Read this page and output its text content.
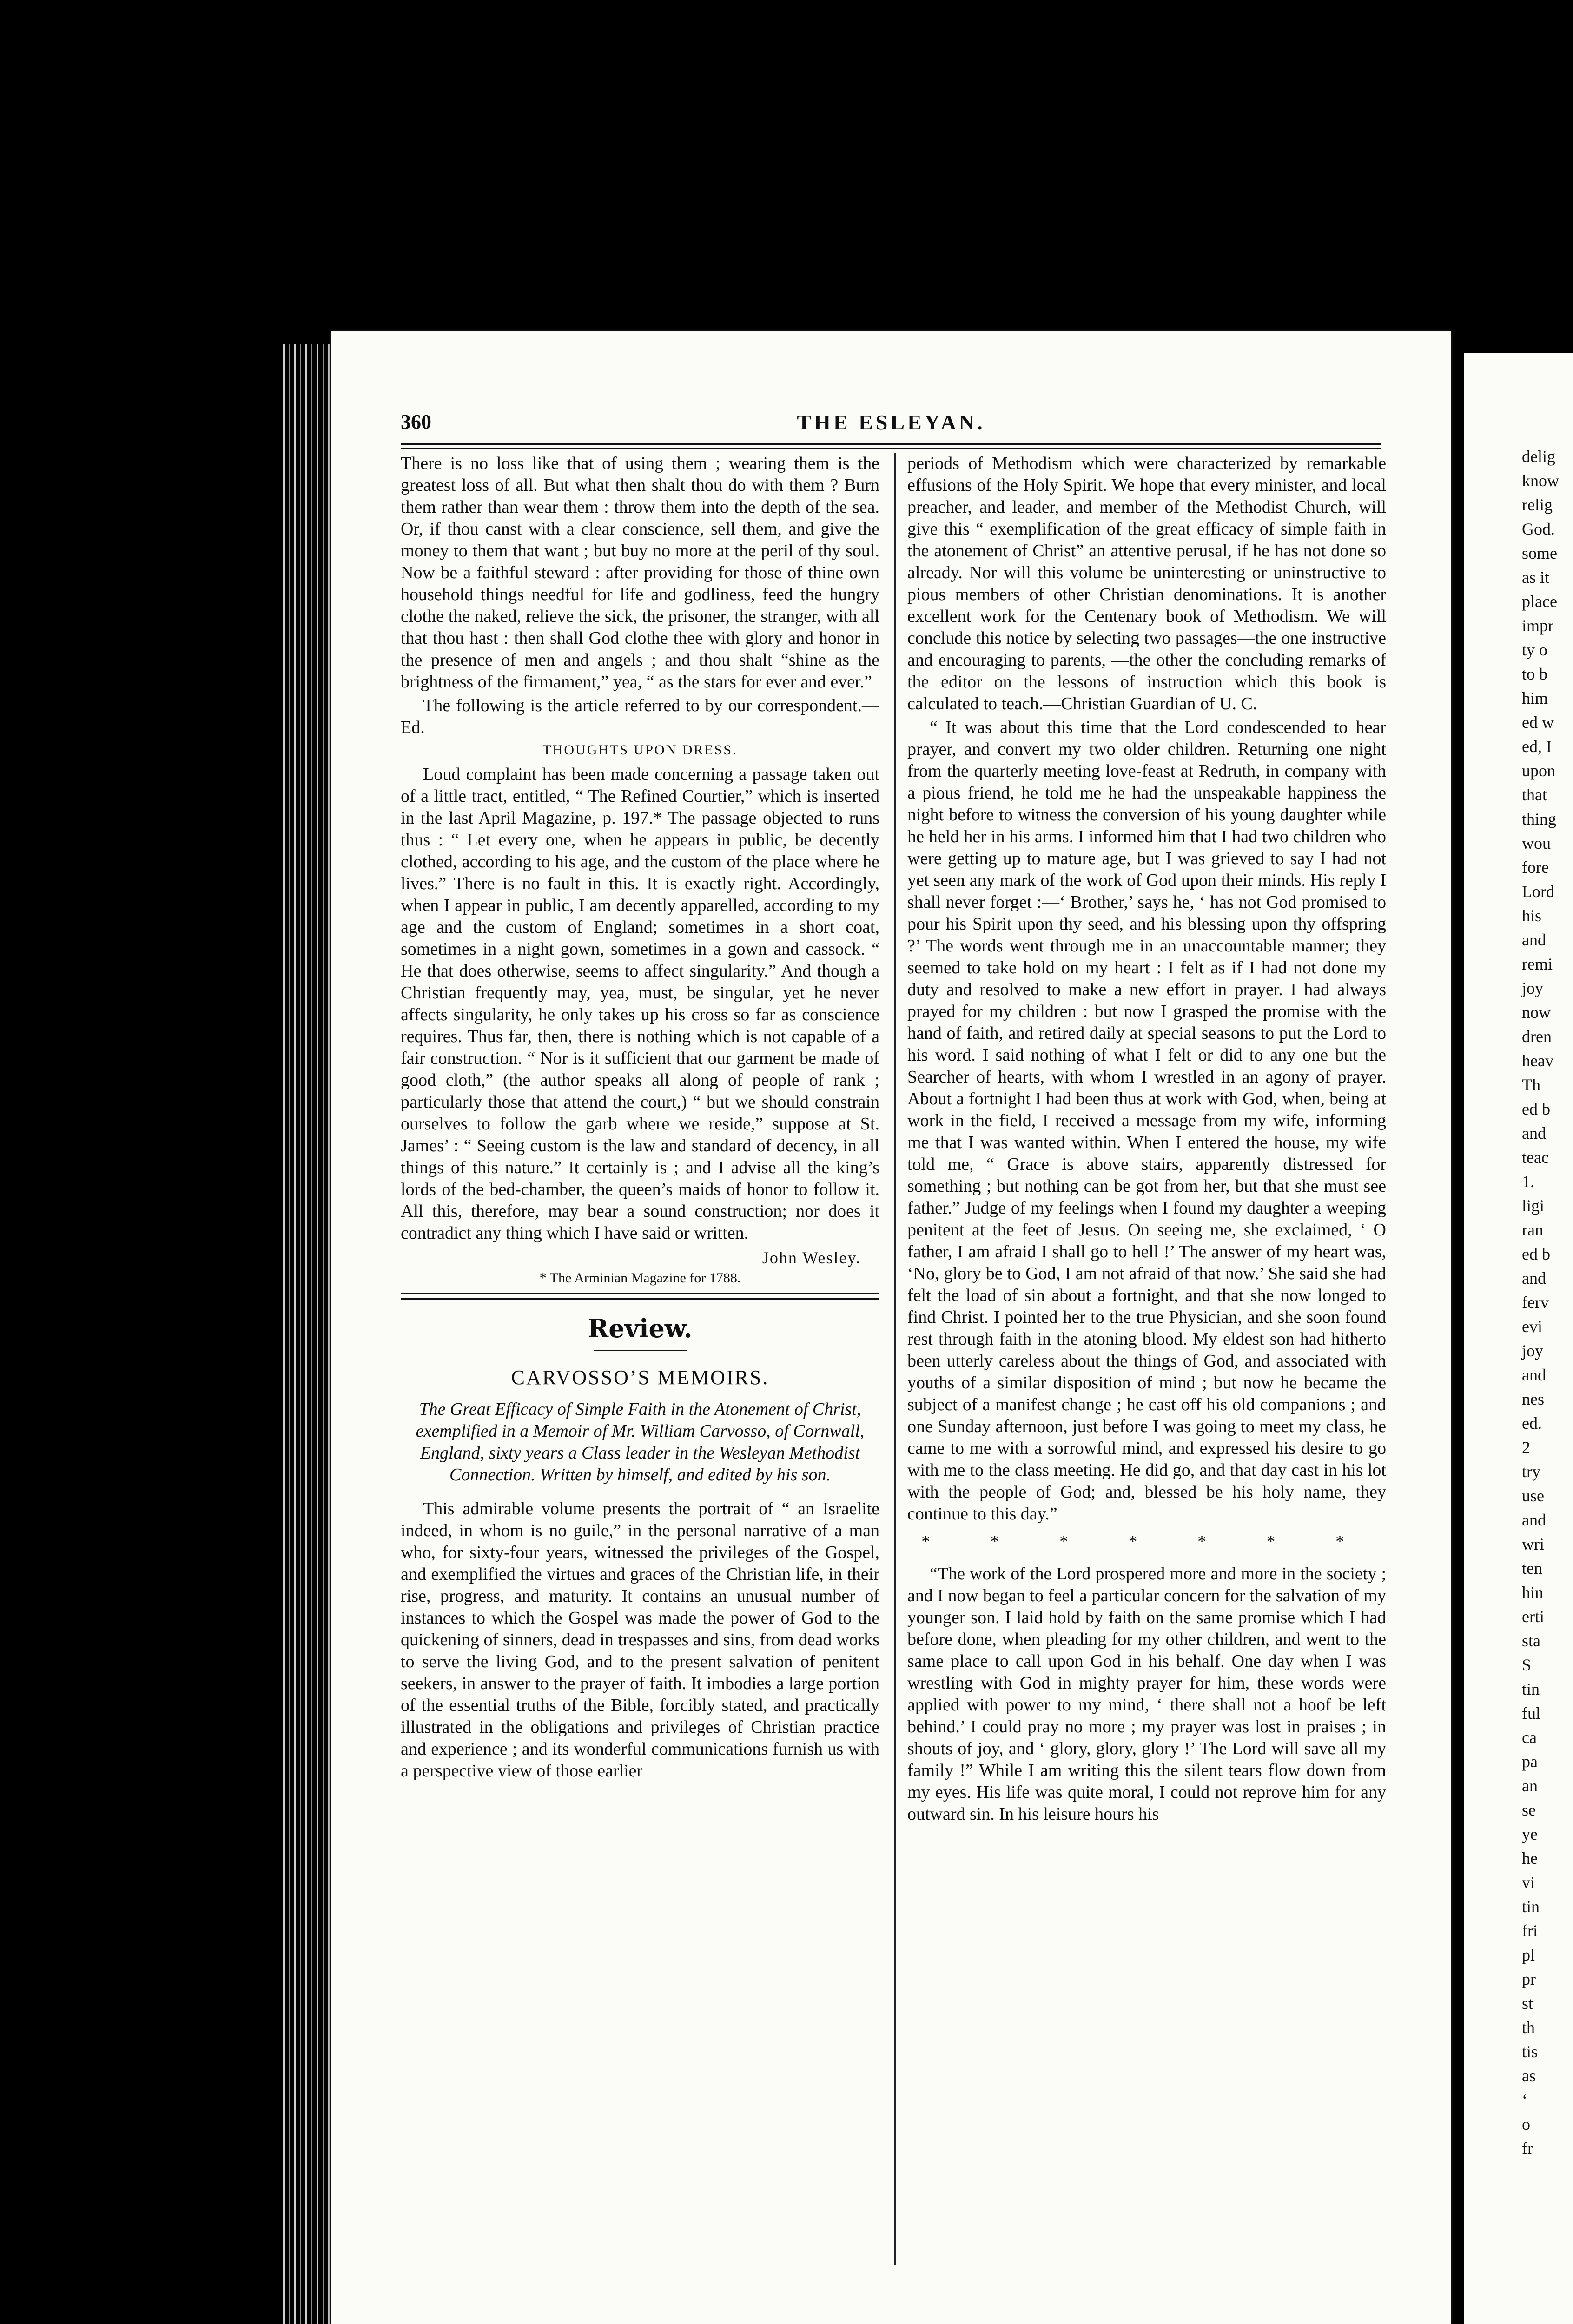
360	THE ESLEYAN.

There is no loss like that of using them ; wearing them is the greatest loss of all. But what then shalt thou do with them ? Burn them rather than wear them : throw them into the depth of the sea. Or, if thou canst with a clear conscience, sell them, and give the money to them that want ; but buy no more at the peril of thy soul. Now be a faithful steward : after providing for those of thine own household things needful for life and godliness, feed the hungry clothe the naked, relieve the sick, the prisoner, the stranger, with all that thou hast : then shall God clothe thee with glory and honor in the presence of men and angels ; and thou shalt “shine as the brightness of the firmament,” yea, “ as the stars for ever and ever.”

The following is the article referred to by our correspondent.—Ed.

THOUGHTS UPON DRESS.

Loud complaint has been made concerning a passage taken out of a little tract, entitled, “ The Refined Courtier,” which is inserted in the last April Magazine, p. 197.* The passage objected to runs thus : “ Let every one, when he appears in public, be decently clothed, according to his age, and the custom of the place where he lives.” There is no fault in this. It is exactly right. Accordingly, when I appear in public, I am decently apparelled, according to my age and the custom of England; sometimes in a short coat, sometimes in a night gown, sometimes in a gown and cassock. “ He that does otherwise, seems to affect singularity.” And though a Christian frequently may, yea, must, be singular, yet he never affects singularity, he only takes up his cross so far as conscience requires. Thus far, then, there is nothing which is not capable of a fair construction. “ Nor is it sufficient that our garment be made of good cloth,” (the author speaks all along of people of rank ; particularly those that attend the court,) “ but we should constrain ourselves to follow the garb where we reside,” suppose at St. James’ : “ Seeing custom is the law and standard of decency, in all things of this nature.” It certainly is ; and I advise all the king’s lords of the bed-chamber, the queen’s maids of honor to follow it. All this, therefore, may bear a sound construction; nor does it contradict any thing which I have said or written.

John Wesley.
* The Arminian Magazine for 1788.
Review.
CARVOSSO’S MEMOIRS.
The Great Efficacy of Simple Faith in the Atonement of Christ, exemplified in a Memoir of Mr. William Carvosso, of Cornwall, England, sixty years a Class leader in the Wesleyan Methodist Connection. Written by himself, and edited by his son.

This admirable volume presents the portrait of “ an Israelite indeed, in whom is no guile,” in the personal narrative of a man who, for sixty-four years, witnessed the privileges of the Gospel, and exemplified the virtues and graces of the Christian life, in their rise, progress, and maturity. It contains an unusual number of instances to which the Gospel was made the power of God to the quickening of sinners, dead in trespasses and sins, from dead works to serve the living God, and to the present salvation of penitent seekers, in answer to the prayer of faith. It imbodies a large portion of the essential truths of the Bible, forcibly stated, and practically illustrated in the obligations and privileges of Christian practice and experience ; and its wonderful communications furnish us with a perspective view of those earlier

periods of Methodism which were characterized by remarkable effusions of the Holy Spirit. We hope that every minister, and local preacher, and leader, and member of the Methodist Church, will give this “ exemplification of the great efficacy of simple faith in the atonement of Christ” an attentive perusal, if he has not done so already. Nor will this volume be uninteresting or uninstructive to pious members of other Christian denominations. It is another excellent work for the Centenary book of Methodism. We will conclude this notice by selecting two passages—the one instructive and encouraging to parents, —the other the concluding remarks of the editor on the lessons of instruction which this book is calculated to teach.—Christian Guardian of U. C.

“ It was about this time that the Lord condescended to hear prayer, and convert my two older children. Returning one night from the quarterly meeting love-feast at Redruth, in company with a pious friend, he told me he had the unspeakable happiness the night before to witness the conversion of his young daughter while he held her in his arms. I informed him that I had two children who were getting up to mature age, but I was grieved to say I had not yet seen any mark of the work of God upon their minds. His reply I shall never forget :—‘ Brother,’ says he, ‘ has not God promised to pour his Spirit upon thy seed, and his blessing upon thy offspring ?’ The words went through me in an unaccountable manner; they seemed to take hold on my heart : I felt as if I had not done my duty and resolved to make a new effort in prayer. I had always prayed for my children : but now I grasped the promise with the hand of faith, and retired daily at special seasons to put the Lord to his word. I said nothing of what I felt or did to any one but the Searcher of hearts, with whom I wrestled in an agony of prayer. About a fortnight I had been thus at work with God, when, being at work in the field, I received a message from my wife, informing me that I was wanted within. When I entered the house, my wife told me, “ Grace is above stairs, apparently distressed for something ; but nothing can be got from her, but that she must see father.” Judge of my feelings when I found my daughter a weeping penitent at the feet of Jesus. On seeing me, she exclaimed, ‘ O father, I am afraid I shall go to hell !’ The answer of my heart was, ‘No, glory be to God, I am not afraid of that now.’ She said she had felt the load of sin about a fortnight, and that she now longed to find Christ. I pointed her to the true Physician, and she soon found rest through faith in the atoning blood. My eldest son had hitherto been utterly careless about the things of God, and associated with youths of a similar disposition of mind ; but now he became the subject of a manifest change ; he cast off his old companions ; and one Sunday afternoon, just before I was going to meet my class, he came to me with a sorrowful mind, and expressed his desire to go with me to the class meeting. He did go, and that day cast in his lot with the people of God; and, blessed be his holy name, they continue to this day.”

* * * * * * *

“The work of the Lord prospered more and more in the society ; and I now began to feel a particular concern for the salvation of my younger son. I laid hold by faith on the same promise which I had before done, when pleading for my other children, and went to the same place to call upon God in his behalf. One day when I was wrestling with God in mighty prayer for him, these words were applied with power to my mind, ‘ there shall not a hoof be left behind.’ I could pray no more ; my prayer was lost in praises ; in shouts of joy, and ‘ glory, glory, glory !’ The Lord will save all my family !” While I am writing this the silent tears flow down from my eyes. His life was quite moral, I could not reprove him for any outward sin. In his leisure hours his

delig
know
relig
God.
some
as it
place
impr
ty o
to b
him
ed w
ed, I
upon
that
thing
wou
fore
Lord
his
and
remi
joy
now
dren
heav
Th
ed b
and
teac
1.
ligi
ran
ed b
and
ferv
evi
joy
and
nes
ed.
2
try
use
and
wri
ten
hin
erti
sta
S
tin
ful
ca
pa
an
se
ye
he
vi
tin
fri
pl
pr
st
th
tis
as
‘
o
fr
